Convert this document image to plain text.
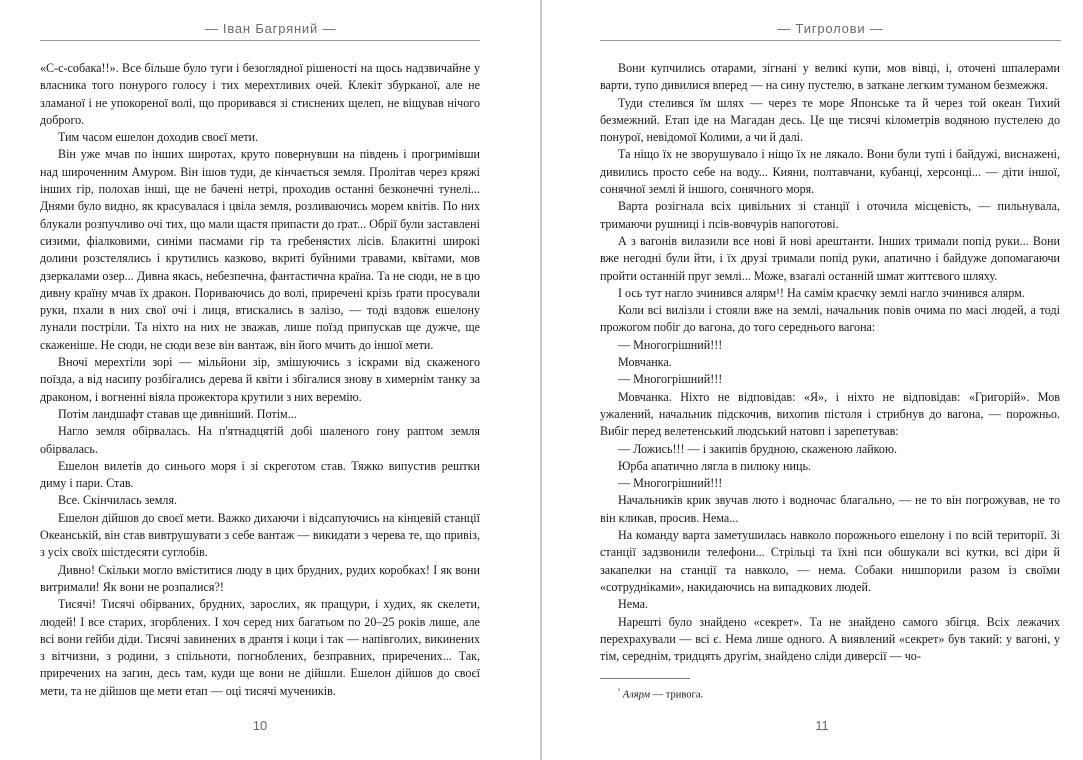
— Іван Багряний —

«С-с-собака!!». Все більше було туги і безоглядної рішеності на щось надзвичайне у власника того понурого голосу і тих мерехтливих очей. Клекіт збурканої, але не зламаної і не упокореної волі, що проривався зі стиснених щелеп, не віщував нічого доброго.

Тим часом ешелон доходив своєї мети.

Він уже мчав по інших широтах, круто повернувши на південь і прогримівши над широченним Амуром. Він ішов туди, де кінчається земля. Пролітав через кряжі інших гір, полохав інші, ще не бачені нетрі, проходив останні безконечні тунелі... Днями було видно, як красувалася і цвіла земля, розливаючись морем квітів. По них блукали розпучливо очі тих, що мали щастя припасти до ґрат... Обрії були заставлені сизими, фіалковими, синіми пасмами гір та гребенястих лісів. Блакитні широкі долини розстелялись і крутились казково, вкриті буйними травами, квітами, мов дзеркалами озер... Дивна якась, небезпечна, фантастична країна. Та не сюди, не в цю дивну країну мчав їх дракон. Пориваючись до волі, приречені крізь ґрати просували руки, пхали в них свої очі і лиця, втискались в залізо, — тоді вздовж ешелону лунали постріли. Та ніхто на них не зважав, лише поїзд припускав ще дужче, ще скаженіше. Не сюди, не сюди везе він вантаж, він його мчить до іншої мети.

Вночі мерехтіли зорі — мільйони зір, змішуючись з іскрами від скаженого поїзда, а від насипу розбігались дерева й квіти і збігалися знову в химернім танку за драконом, і вогненні віяла прожектора крутили з них веремію.

Потім ландшафт ставав ще дивніший. Потім...

Нагло земля обірвалась. На п'ятнадцятій добі шаленого гону раптом земля обірвалась.

Ешелон вилетів до синього моря і зі скреготом став. Тяжко випустив рештки диму і пари. Став.

Все. Скінчилась земля.

Ешелон дійшов до своєї мети. Важко дихаючи і відсапуючись на кінцевій станції Океанській, він став вивтрушувати з себе вантаж — викидати з черева те, що привіз, з усіх своїх шістдесяти суглобів.

Дивно! Скільки могло вміститися люду в цих брудних, рудих коробках! І як вони витримали! Як вони не розпалися?!

Тисячі! Тисячі обірваних, брудних, зарослих, як пращури, і худих, як скелети, людей! І все старих, згорблених. І хоч серед них багатьом по 20–25 років лише, але всі вони гейби діди. Тисячі завинених в дрантя і коци і так — напівголих, викинених з вітчизни, з родини, з спільноти, погноблених, безправних, приречених... Так, приречених на загин, десь там, куди ще вони не дійшли. Ешелон дійшов до своєї мети, та не дійшов ще мети етап — оці тисячі мучеників.

10
— Тигролови —

Вони купчились отарами, зігнані у великі купи, мов вівці, і, оточені шпалерами варти, тупо дивилися вперед — на сину пустелю, в заткане легким туманом безмежжя.

Туди стелився їм шлях — через те море Японське та й через той океан Тихий безмежний. Етап іде на Магадан десь. Це ще тисячі кілометрів водяною пустелею до понурої, невідомої Колими, а чи й далі.

Та ніщо їх не зворушувало і ніщо їх не лякало. Вони були тупі і байдужі, виснажені, дивились просто себе на воду... Кияни, полтавчани, кубанці, херсонці... — діти іншої, сонячної землі й іншого, сонячного моря.

Варта розігнала всіх цивільних зі станції і оточила місцевість, — пильнувала, тримаючи рушниці і псів-вовчурів напоготові.

А з вагонів вилазили все нові й нові арештанти. Інших тримали попід руки... Вони вже негодні були йти, і їх друзі тримали попід руки, апатично і байдуже допомагаючи пройти останній пруг землі... Може, взагалі останній шмат життєвого шляху.

І ось тут нагло зчинився алярм¹! На самім краєчку землі нагло зчинився алярм.

Коли всі вилізли і стояли вже на землі, начальник повів очима по масі людей, а тоді прожогом побіг до вагона, до того середнього вагона:

— Многогрішний!!!

Мовчанка.

— Многогрішний!!!

Мовчанка. Ніхто не відповідав: «Я», і ніхто не відповідав: «Григорій». Мов ужалений, начальник підскочив, вихопив пістоля і стрибнув до вагона, — порожньо. Вибіг перед велетенський людський натовп і зарепетував:

— Ложись!!! — і закипів брудною, скаженою лайкою.

Юрба апатично лягла в пилюку ниць.

— Многогрішний!!!

Начальників крик звучав люто і водночас благально, — не то він погрожував, не то він кликав, просив. Нема...

На команду варта заметушилась навколо порожнього ешелону і по всій території. Зі станції задзвонили телефони... Стрільці та їхні пси обшукали всі кутки, всі діри й закапелки на станції та навколо, — нема. Собаки нишпорили разом із своїми «сотрудніками», накидаючись на випадкових людей.

Нема.

Нарешті було знайдено «секрет». Та не знайдено самого збігця. Всіх лежачих перехрахували — всі є. Нема лише одного. А виявлений «секрет» був такий: у вагоні, у тім, середнім, тридцять другім, знайдено сліди диверсії — чо-

$^{^1}$ Алярм — тривога.
11
